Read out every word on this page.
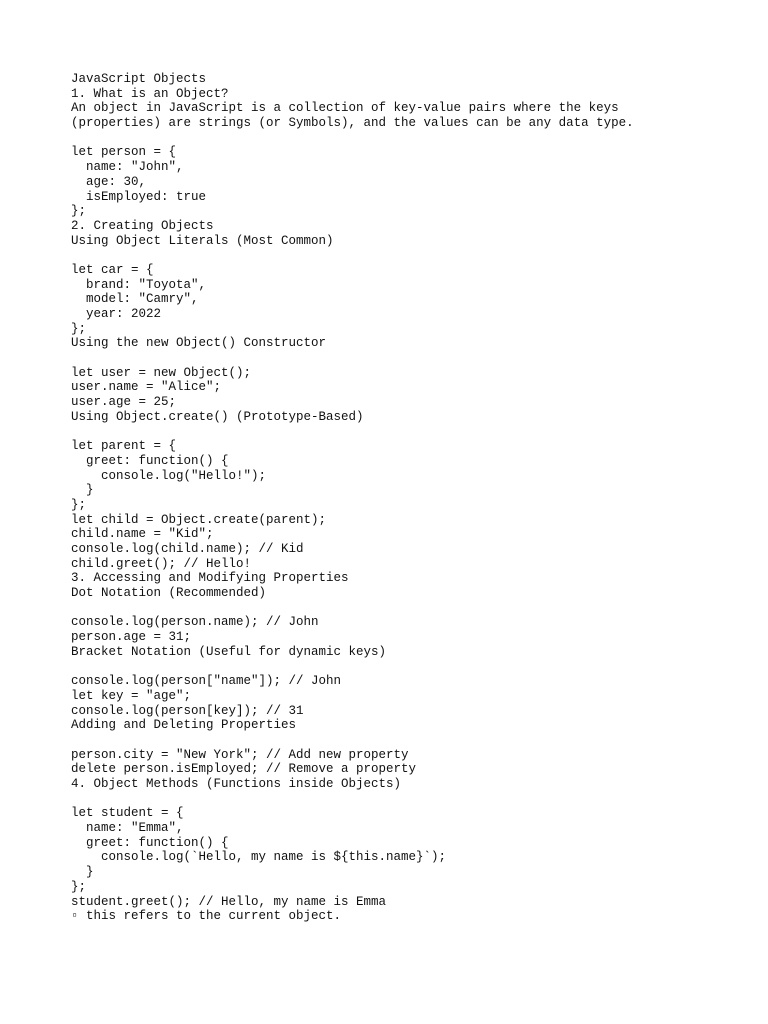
JavaScript Objects
1. What is an Object?
An object in JavaScript is a collection of key-value pairs where the keys
(properties) are strings (or Symbols), and the values can be any data type.
let person = {
name: "John",
age: 30,
isEmployed: true
};
2. Creating Objects
Using Object Literals (Most Common)
let car = {
brand: "Toyota",
model: "Camry",
year: 2022
};
Using the new Object() Constructor
let user = new Object();
user.name = "Alice";
user.age = 25;
Using Object.create() (Prototype-Based)
let parent = {
greet: function() {
console.log("Hello!");
}
};
let child = Object.create(parent);
child.name = "Kid";
console.log(child.name); // Kid
child.greet(); // Hello!
3. Accessing and Modifying Properties
Dot Notation (Recommended)
console.log(person.name); // John
person.age = 31;
Bracket Notation (Useful for dynamic keys)
console.log(person["name"]); // John
let key = "age";
console.log(person[key]); // 31
Adding and Deleting Properties
person.city = "New York"; // Add new property
delete person.isEmployed; // Remove a property
4. Object Methods (Functions inside Objects)
let student = {
name: "Emma",
greet: function() {
console.log(`Hello, my name is ${this.name}`);
}
};
student.greet(); // Hello, my name is Emma
▫ this refers to the current object.
